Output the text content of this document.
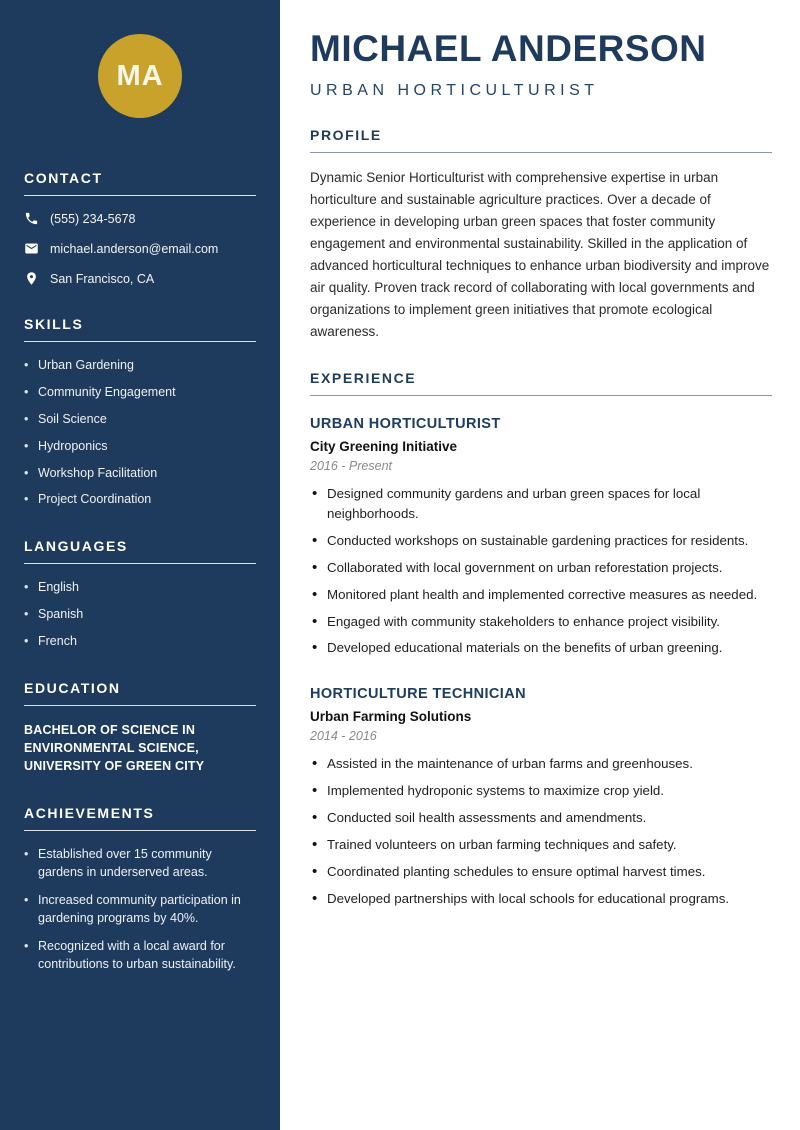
MA
CONTACT
(555) 234-5678
michael.anderson@email.com
San Francisco, CA
SKILLS
• Urban Gardening
• Community Engagement
• Soil Science
• Hydroponics
• Workshop Facilitation
• Project Coordination
LANGUAGES
• English
• Spanish
• French
EDUCATION

BACHELOR OF SCIENCE IN ENVIRONMENTAL SCIENCE, UNIVERSITY OF GREEN CITY

ACHIEVEMENTS
• Established over 15 community gardens in underserved areas.
• Increased community participation in gardening programs by 40%.
• Recognized with a local award for contributions to urban sustainability.
MICHAEL ANDERSON
URBAN HORTICULTURIST
PROFILE

Dynamic Senior Horticulturist with comprehensive expertise in urban horticulture and sustainable agriculture practices. Over a decade of experience in developing urban green spaces that foster community engagement and environmental sustainability. Skilled in the application of advanced horticultural techniques to enhance urban biodiversity and improve air quality. Proven track record of collaborating with local governments and organizations to implement green initiatives that promote ecological awareness.

EXPERIENCE
URBAN HORTICULTURIST
City Greening Initiative
2016 - Present
• Designed community gardens and urban green spaces for local neighborhoods.
• Conducted workshops on sustainable gardening practices for residents.
• Collaborated with local government on urban reforestation projects.
• Monitored plant health and implemented corrective measures as needed.
• Engaged with community stakeholders to enhance project visibility.
• Developed educational materials on the benefits of urban greening.
HORTICULTURE TECHNICIAN
Urban Farming Solutions
2014 - 2016
• Assisted in the maintenance of urban farms and greenhouses.
• Implemented hydroponic systems to maximize crop yield.
• Conducted soil health assessments and amendments.
• Trained volunteers on urban farming techniques and safety.
• Coordinated planting schedules to ensure optimal harvest times.
• Developed partnerships with local schools for educational programs.
